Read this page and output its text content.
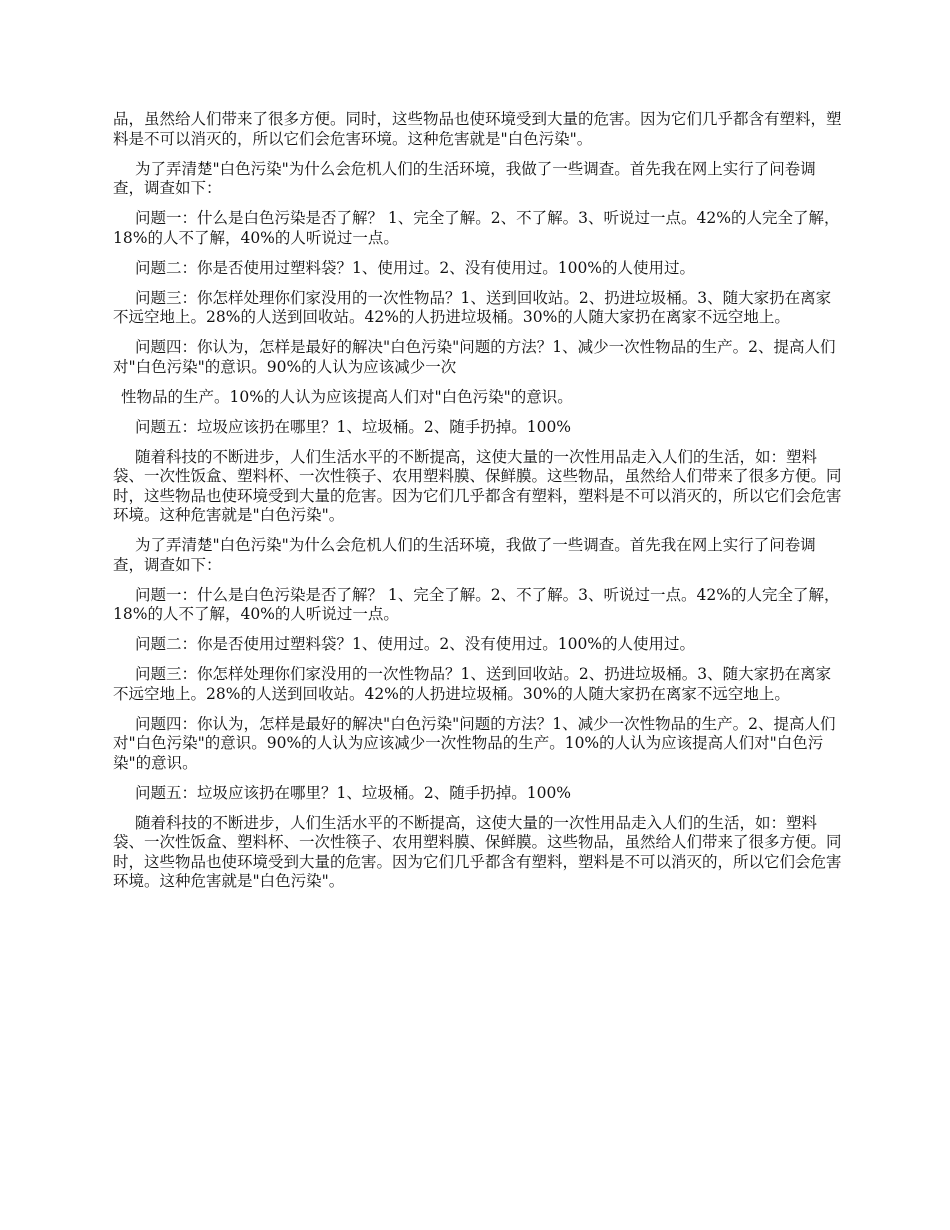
品，虽然给人们带来了很多方便。同时，这些物品也使环境受到大量的危害。因为它们几乎都含有塑料，塑料是不可以消灭的，所以它们会危害环境。这种危害就是"白色污染"。

为了弄清楚"白色污染"为什么会危机人们的生活环境，我做了一些调查。首先我在网上实行了问卷调查，调查如下：

问题一：什么是白色污染是否了解？ 1、完全了解。2、不了解。3、听说过一点。42%的人完全了解，18%的人不了解，40%的人听说过一点。

问题二：你是否使用过塑料袋？1、使用过。2、没有使用过。100%的人使用过。

问题三：你怎样处理你们家没用的一次性物品？1、送到回收站。2、扔进垃圾桶。3、随大家扔在离家不远空地上。28%的人送到回收站。42%的人扔进垃圾桶。30%的人随大家扔在离家不远空地上。

问题四：你认为，怎样是最好的解决"白色污染"问题的方法？1、减少一次性物品的生产。2、提高人们对"白色污染"的意识。90%的人认为应该减少一次

性物品的生产。10%的人认为应该提高人们对"白色污染"的意识。

问题五：垃圾应该扔在哪里？1、垃圾桶。2、随手扔掉。100%

随着科技的不断进步，人们生活水平的不断提高，这使大量的一次性用品走入人们的生活，如：塑料袋、一次性饭盒、塑料杯、一次性筷子、农用塑料膜、保鲜膜。这些物品，虽然给人们带来了很多方便。同时，这些物品也使环境受到大量的危害。因为它们几乎都含有塑料，塑料是不可以消灭的，所以它们会危害环境。这种危害就是"白色污染"。

为了弄清楚"白色污染"为什么会危机人们的生活环境，我做了一些调查。首先我在网上实行了问卷调查，调查如下：

问题一：什么是白色污染是否了解？ 1、完全了解。2、不了解。3、听说过一点。42%的人完全了解，18%的人不了解，40%的人听说过一点。

问题二：你是否使用过塑料袋？1、使用过。2、没有使用过。100%的人使用过。

问题三：你怎样处理你们家没用的一次性物品？1、送到回收站。2、扔进垃圾桶。3、随大家扔在离家不远空地上。28%的人送到回收站。42%的人扔进垃圾桶。30%的人随大家扔在离家不远空地上。

问题四：你认为，怎样是最好的解决"白色污染"问题的方法？1、减少一次性物品的生产。2、提高人们对"白色污染"的意识。90%的人认为应该减少一次性物品的生产。10%的人认为应该提高人们对"白色污染"的意识。

问题五：垃圾应该扔在哪里？1、垃圾桶。2、随手扔掉。100%

随着科技的不断进步，人们生活水平的不断提高，这使大量的一次性用品走入人们的生活，如：塑料袋、一次性饭盒、塑料杯、一次性筷子、农用塑料膜、保鲜膜。这些物品，虽然给人们带来了很多方便。同时，这些物品也使环境受到大量的危害。因为它们几乎都含有塑料，塑料是不可以消灭的，所以它们会危害环境。这种危害就是"白色污染"。
